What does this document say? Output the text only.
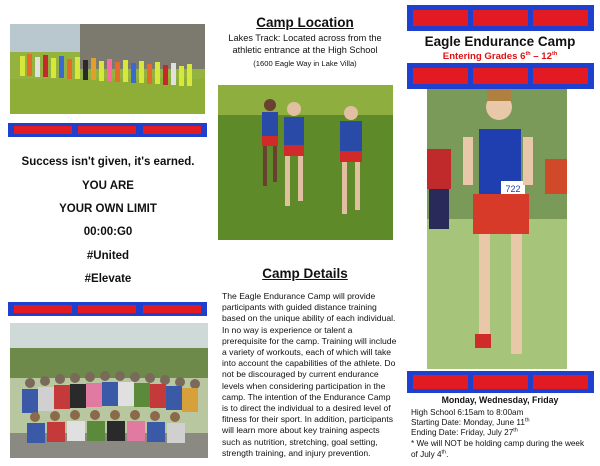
Success isn't given, it's earned.
YOU ARE
YOUR OWN LIMIT
00:00:G0
#United
#Elevate
Camp Location
Lakes Track: Located across from the
athletic entrance at the High School
(1600 Eagle Way in Lake Villa)
Camp Details
The Eagle Endurance Camp will provide participants with guided distance training based on the unique ability of each individual. In no way is experience or talent a prerequisite for the camp. Training will include a variety of workouts, each of which will take into account the capabilities of the athlete. Do not be discouraged by current endurance levels when considering participation in the camp. The intention of the Endurance Camp is to direct the individual to a desired level of fitness for their sport. In addition, participants will learn more about key training aspects such as nutrition, stretching, goal setting, strength training, and injury prevention.
Eagle Endurance Camp
Entering Grades 6th – 12th
722
Monday, Wednesday, Friday
High School 6:15am to 8:00am
Starting Date: Monday, June 11th
Ending Date: Friday, July 27th
* We will NOT be holding camp during the week of July 4th.
